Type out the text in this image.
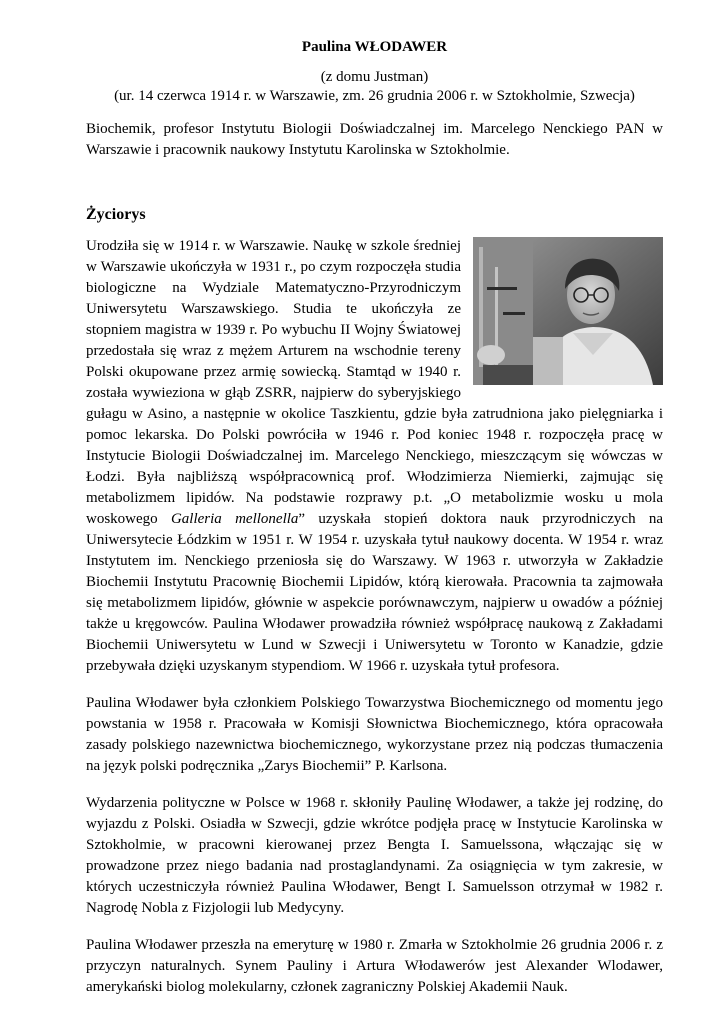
Paulina WŁODAWER
(z domu Justman)
(ur. 14 czerwca 1914 r. w Warszawie, zm. 26 grudnia 2006 r. w Sztokholmie, Szwecja)

Biochemik, profesor Instytutu Biologii Doświadczalnej im. Marcelego Nenckiego PAN w Warszawie i pracownik naukowy Instytutu Karolinska w Sztokholmie.

Życiorys

Urodziła się w 1914 r. w Warszawie. Naukę w szkole średniej w Warszawie ukończyła w 1931 r., po czym rozpoczęła studia biologiczne na Wydziale Matematyczno-Przyrodniczym Uniwersytetu Warszawskiego. Studia te ukończyła ze stopniem magistra w 1939 r. Po wybuchu II Wojny Światowej przedostała się wraz z mężem Arturem na wschodnie tereny Polski okupowane przez armię sowiecką. Stamtąd w 1940 r. została wywieziona w głąb ZSRR, najpierw do syberyjskiego gułagu w Asino, a następnie w okolice Taszkientu, gdzie była zatrudniona jako pielęgniarka i pomoc lekarska. Do Polski powróciła w 1946 r. Pod koniec 1948 r. rozpoczęła pracę w Instytucie Biologii Doświadczalnej im. Marcelego Nenckiego, mieszczącym się wówczas w Łodzi. Była najbliższą współpracownicą prof. Włodzimierza Niemierki, zajmując się metabolizmem lipidów. Na podstawie rozprawy p.t. „O metabolizmie wosku u mola woskowego Galleria mellonella” uzyskała stopień doktora nauk przyrodniczych na Uniwersytecie Łódzkim w 1951 r. W 1954 r. uzyskała tytuł naukowy docenta. W 1954 r. wraz Instytutem im. Nenckiego przeniosła się do Warszawy. W 1963 r. utworzyła w Zakładzie Biochemii Instytutu Pracownię Biochemii Lipidów, którą kierowała. Pracownia ta zajmowała się metabolizmem lipidów, głównie w aspekcie porównawczym, najpierw u owadów a później także u kręgowców. Paulina Włodawer prowadziła również współpracę naukową z Zakładami Biochemii Uniwersytetu w Lund w Szwecji i Uniwersytetu w Toronto w Kanadzie, gdzie przebywała dzięki uzyskanym stypendiom. W 1966 r. uzyskała tytuł profesora.

Paulina Włodawer była członkiem Polskiego Towarzystwa Biochemicznego od momentu jego powstania w 1958 r. Pracowała w Komisji Słownictwa Biochemicznego, która opracowała zasady polskiego nazewnictwa biochemicznego, wykorzystane przez nią podczas tłumaczenia na język polski podręcznika „Zarys Biochemii” P. Karlsona.

Wydarzenia polityczne w Polsce w 1968 r. skłoniły Paulinę Włodawer, a także jej rodzinę, do wyjazdu z Polski. Osiadła w Szwecji, gdzie wkrótce podjęła pracę w Instytucie Karolinska w Sztokholmie, w pracowni kierowanej przez Bengta I. Samuelssona, włączając się w prowadzone przez niego badania nad prostaglandynami. Za osiągnięcia w tym zakresie, w których uczestniczyła również Paulina Włodawer, Bengt I. Samuelsson otrzymał w 1982 r. Nagrodę Nobla z Fizjologii lub Medycyny.

Paulina Włodawer przeszła na emeryturę w 1980 r. Zmarła w Sztokholmie 26 grudnia 2006 r. z przyczyn naturalnych. Synem Pauliny i Artura Włodawerów jest Alexander Wlodawer, amerykański biolog molekularny, członek zagraniczny Polskiej Akademii Nauk.
